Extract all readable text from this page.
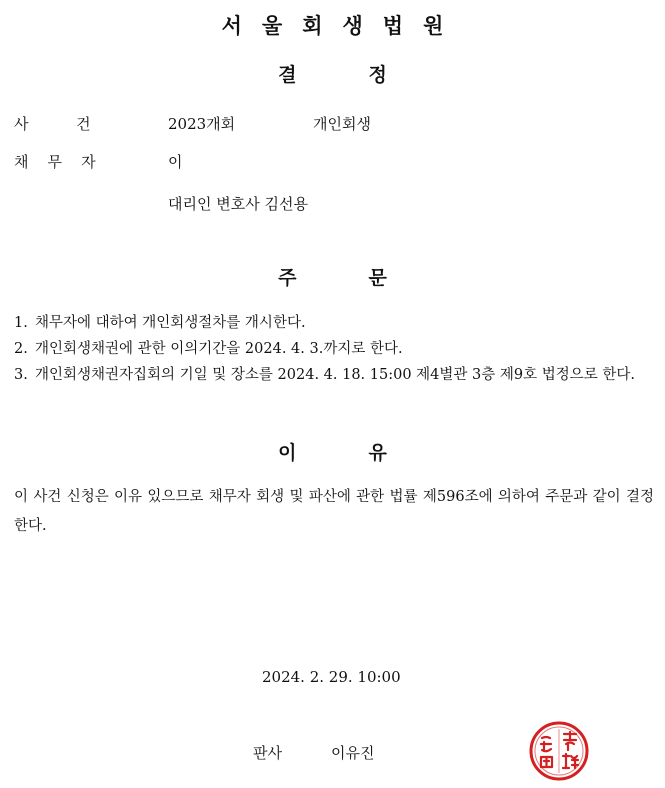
서울회생법원
결	정
사          건	2023개회	개인회생
채    무    자	이
대리인 변호사 김선용
주	문
1. 채무자에 대하여 개인회생절차를 개시한다.
2. 개인회생채권에 관한 이의기간을 2024. 4. 3.까지로 한다.
3. 개인회생채권자집회의 기일 및 장소를 2024. 4. 18. 15:00 제4별관 3층 제9호 법정으로 한다.
이	유
이 사건 신청은 이유 있으므로 채무자 회생 및 파산에 관한 법률 제596조에 의하여 주문과 같이 결정한다.
2024. 2. 29. 10:00
판사	이유진
